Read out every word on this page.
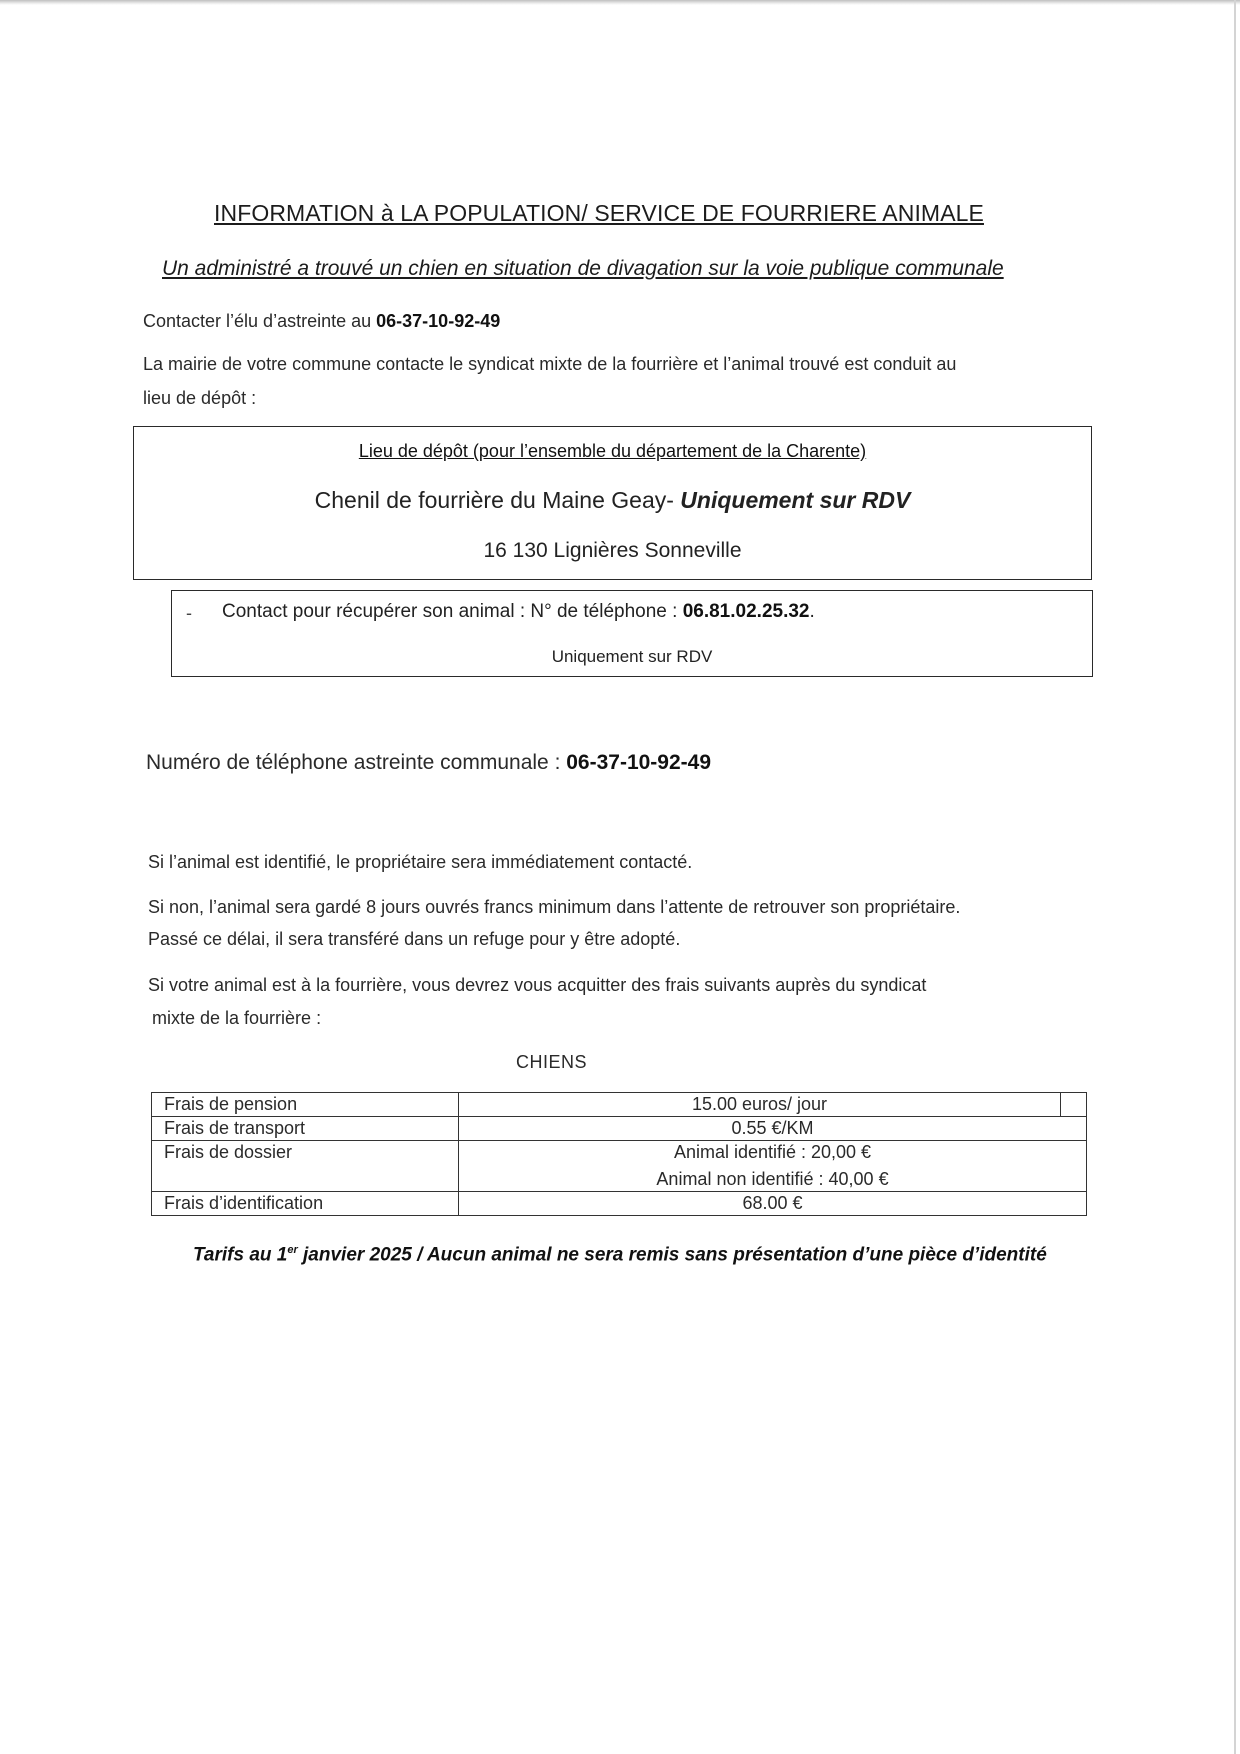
INFORMATION à LA POPULATION/ SERVICE DE FOURRIERE ANIMALE
Un administré a trouvé un chien en situation de divagation sur la voie publique communale
Contacter l’élu d’astreinte au 06-37-10-92-49
La mairie de votre commune contacte le syndicat mixte de la fourrière et l’animal trouvé est conduit au
lieu de dépôt :
Lieu de dépôt (pour l’ensemble du département de la Charente)
Chenil de fourrière du Maine Geay- Uniquement sur RDV
16 130 Lignières Sonneville
- Contact pour récupérer son animal : N° de téléphone : 06.81.02.25.32.
Uniquement sur RDV
Numéro de téléphone astreinte communale : 06-37-10-92-49
Si l’animal est identifié, le propriétaire sera immédiatement contacté.
Si non, l’animal sera gardé 8 jours ouvrés francs minimum dans l’attente de retrouver son propriétaire.
Passé ce délai, il sera transféré dans un refuge pour y être adopté.
Si votre animal est à la fourrière, vous devrez vous acquitter des frais suivants auprès du syndicat
mixte de la fourrière :
CHIENS
Frais de pension	15.00 euros/ jour	
Frais de transport	0.55 €/KM	
Frais de dossier	Animal identifié : 20,00 €
Animal non identifié : 40,00 €	

Frais d’identification	68.00 €	
Tarifs au 1er janvier 2025 / Aucun animal ne sera remis sans présentation d’une pièce d’identité
